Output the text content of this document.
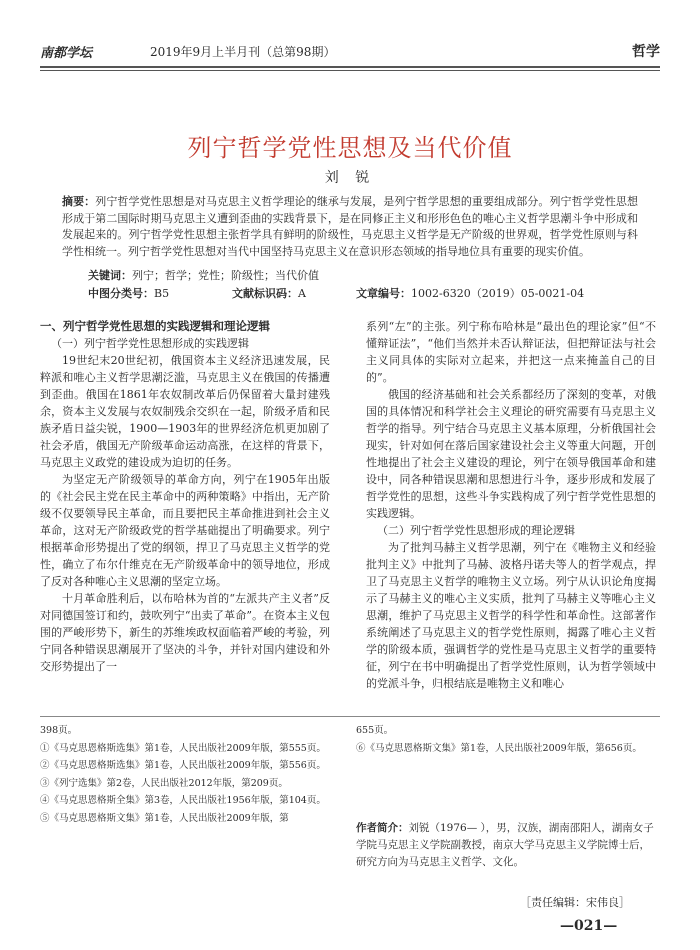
南都学坛	2019年9月上半月刊（总第98期）	哲学
列宁哲学党性思想及当代价值
刘 锐
摘要：列宁哲学党性思想是对马克思主义哲学理论的继承与发展，是列宁哲学思想的重要组成部分。列宁哲学党性思想形成于第二国际时期马克思主义遭到歪曲的实践背景下，是在同修正主义和形形色色的唯心主义哲学思潮斗争中形成和发展起来的。列宁哲学党性思想主张哲学具有鲜明的阶级性，马克思主义哲学是无产阶级的世界观，哲学党性原则与科学性相统一。列宁哲学党性思想对当代中国坚持马克思主义在意识形态领域的指导地位具有重要的现实价值。
关键词：列宁；哲学；党性；阶级性；当代价值
中图分类号：B5	文献标识码：A	文章编号：1002-6320（2019）05-0021-04
一、列宁哲学党性思想的实践逻辑和理论逻辑
（一）列宁哲学党性思想形成的实践逻辑

19世纪末20世纪初，俄国资本主义经济迅速发展，民粹派和唯心主义哲学思潮泛滥，马克思主义在俄国的传播遭到歪曲。俄国在1861年农奴制改革后仍保留着大量封建残余，资本主义发展与农奴制残余交织在一起，阶级矛盾和民族矛盾日益尖锐，1900—1903年的世界经济危机更加剧了社会矛盾，俄国无产阶级革命运动高涨，在这样的背景下，马克思主义政党的建设成为迫切的任务。

为坚定无产阶级领导的革命方向，列宁在1905年出版的《社会民主党在民主革命中的两种策略》中指出，无产阶级不仅要领导民主革命，而且要把民主革命推进到社会主义革命，这对无产阶级政党的哲学基础提出了明确要求。列宁根据革命形势提出了党的纲领，捍卫了马克思主义哲学的党性，确立了布尔什维克在无产阶级革命中的领导地位，形成了反对各种唯心主义思潮的坚定立场。

十月革命胜利后，以布哈林为首的“左派共产主义者”反对同德国签订和约，鼓吹列宁“出卖了革命”。在资本主义包围的严峻形势下，新生的苏维埃政权面临着严峻的考验，列宁同各种错误思潮展开了坚决的斗争，并针对国内建设和外交形势提出了一

系列“左”的主张。列宁称布哈林是“最出色的理论家”但“不懂辩证法”，“他们当然并未否认辩证法，但把辩证法与社会主义同具体的实际对立起来，并把这一点来掩盖自己的目的”。

俄国的经济基础和社会关系都经历了深刻的变革，对俄国的具体情况和科学社会主义理论的研究需要有马克思主义哲学的指导。列宁结合马克思主义基本原理，分析俄国社会现实，针对如何在落后国家建设社会主义等重大问题，开创性地提出了社会主义建设的理论，列宁在领导俄国革命和建设中，同各种错误思潮和思想进行斗争，逐步形成和发展了哲学党性的思想，这些斗争实践构成了列宁哲学党性思想的实践逻辑。

（二）列宁哲学党性思想形成的理论逻辑

为了批判马赫主义哲学思潮，列宁在《唯物主义和经验批判主义》中批判了马赫、波格丹诺夫等人的哲学观点，捍卫了马克思主义哲学的唯物主义立场。列宁从认识论角度揭示了马赫主义的唯心主义实质，批判了马赫主义等唯心主义思潮，维护了马克思主义哲学的科学性和革命性。这部著作系统阐述了马克思主义的哲学党性原则，揭露了唯心主义哲学的阶级本质，强调哲学的党性是马克思主义哲学的重要特征，列宁在书中明确提出了哲学党性原则，认为哲学领域中的党派斗争，归根结底是唯物主义和唯心

398页。
①《马克思恩格斯选集》第1卷，人民出版社2009年版，第555页。
②《马克思恩格斯选集》第1卷，人民出版社2009年版，第556页。
③《列宁选集》第2卷，人民出版社2012年版，第209页。
④《马克思恩格斯全集》第3卷，人民出版社1956年版，第104页。
⑤《马克思恩格斯文集》第1卷，人民出版社2009年版，第
655页。
⑥《马克思恩格斯文集》第1卷，人民出版社2009年版，第656页。
作者简介：刘锐（1976— ），男，汉族，湖南邵阳人，湖南女子学院马克思主义学院副教授，南京大学马克思主义学院博士后，研究方向为马克思主义哲学、文化。
［责任编辑：宋伟良］
—021—
